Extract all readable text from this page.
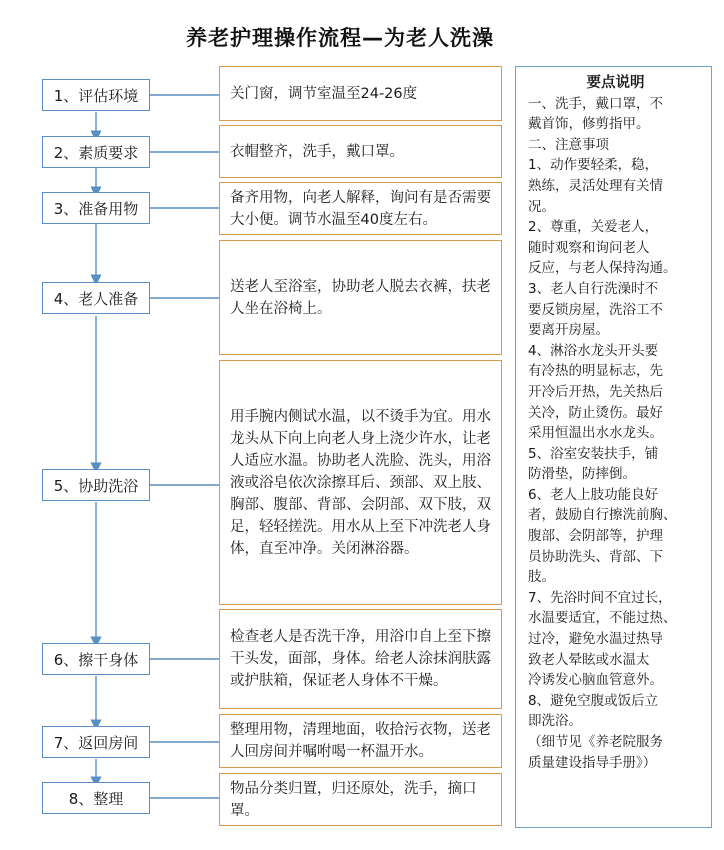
养老护理操作流程—为老人洗澡
1、评估环境
2、素质要求
3、准备用物
4、老人准备
5、协助洗浴
6、擦干身体
7、返回房间
8、整理
关门窗，调节室温至24-26度
衣帽整齐，洗手，戴口罩。
备齐用物，向老人解释，询问有是否需要大小便。调节水温至40度左右。
送老人至浴室，协助老人脱去衣裤，扶老人坐在浴椅上。
用手腕内侧试水温，以不烫手为宜。用水龙头从下向上向老人身上浇少许水，让老人适应水温。协助老人洗脸、洗头，用浴液或浴皂依次涂擦耳后、颈部、双上肢、胸部、腹部、背部、会阴部、双下肢，双足，轻轻搓洗。用水从上至下冲洗老人身体，直至冲净。关闭淋浴器。
检查老人是否洗干净，用浴巾自上至下擦干头发，面部，身体。给老人涂抹润肤露或护肤箱，保证老人身体不干燥。
整理用物，清理地面，收拾污衣物，送老人回房间并嘱咐喝一杯温开水。
物品分类归置，归还原处，洗手，摘口罩。
要点说明
一、洗手，戴口罩，不
戴首饰，修剪指甲。
二、注意事项
1、动作要轻柔，稳，
熟练，灵活处理有关情
况。
2、尊重，关爱老人，
随时观察和询问老人
反应，与老人保持沟通。
3、老人自行洗澡时不
要反锁房屋，洗浴工不
要离开房屋。
4、淋浴水龙头开头要
有冷热的明显标志，先
开冷后开热，先关热后
关冷，防止烫伤。最好
采用恒温出水水龙头。
5、浴室安装扶手，铺
防滑垫，防摔倒。
6、老人上肢功能良好
者，鼓励自行擦洗前胸、
腹部、会阴部等，护理
员协助洗头、背部、下
肢。
7、先浴时间不宜过长，
水温要适宜，不能过热、
过冷，避免水温过热导
致老人晕眩或水温太
冷诱发心脑血管意外。
8、避免空腹或饭后立
即洗浴。
（细节见《养老院服务
质量建设指导手册》）
